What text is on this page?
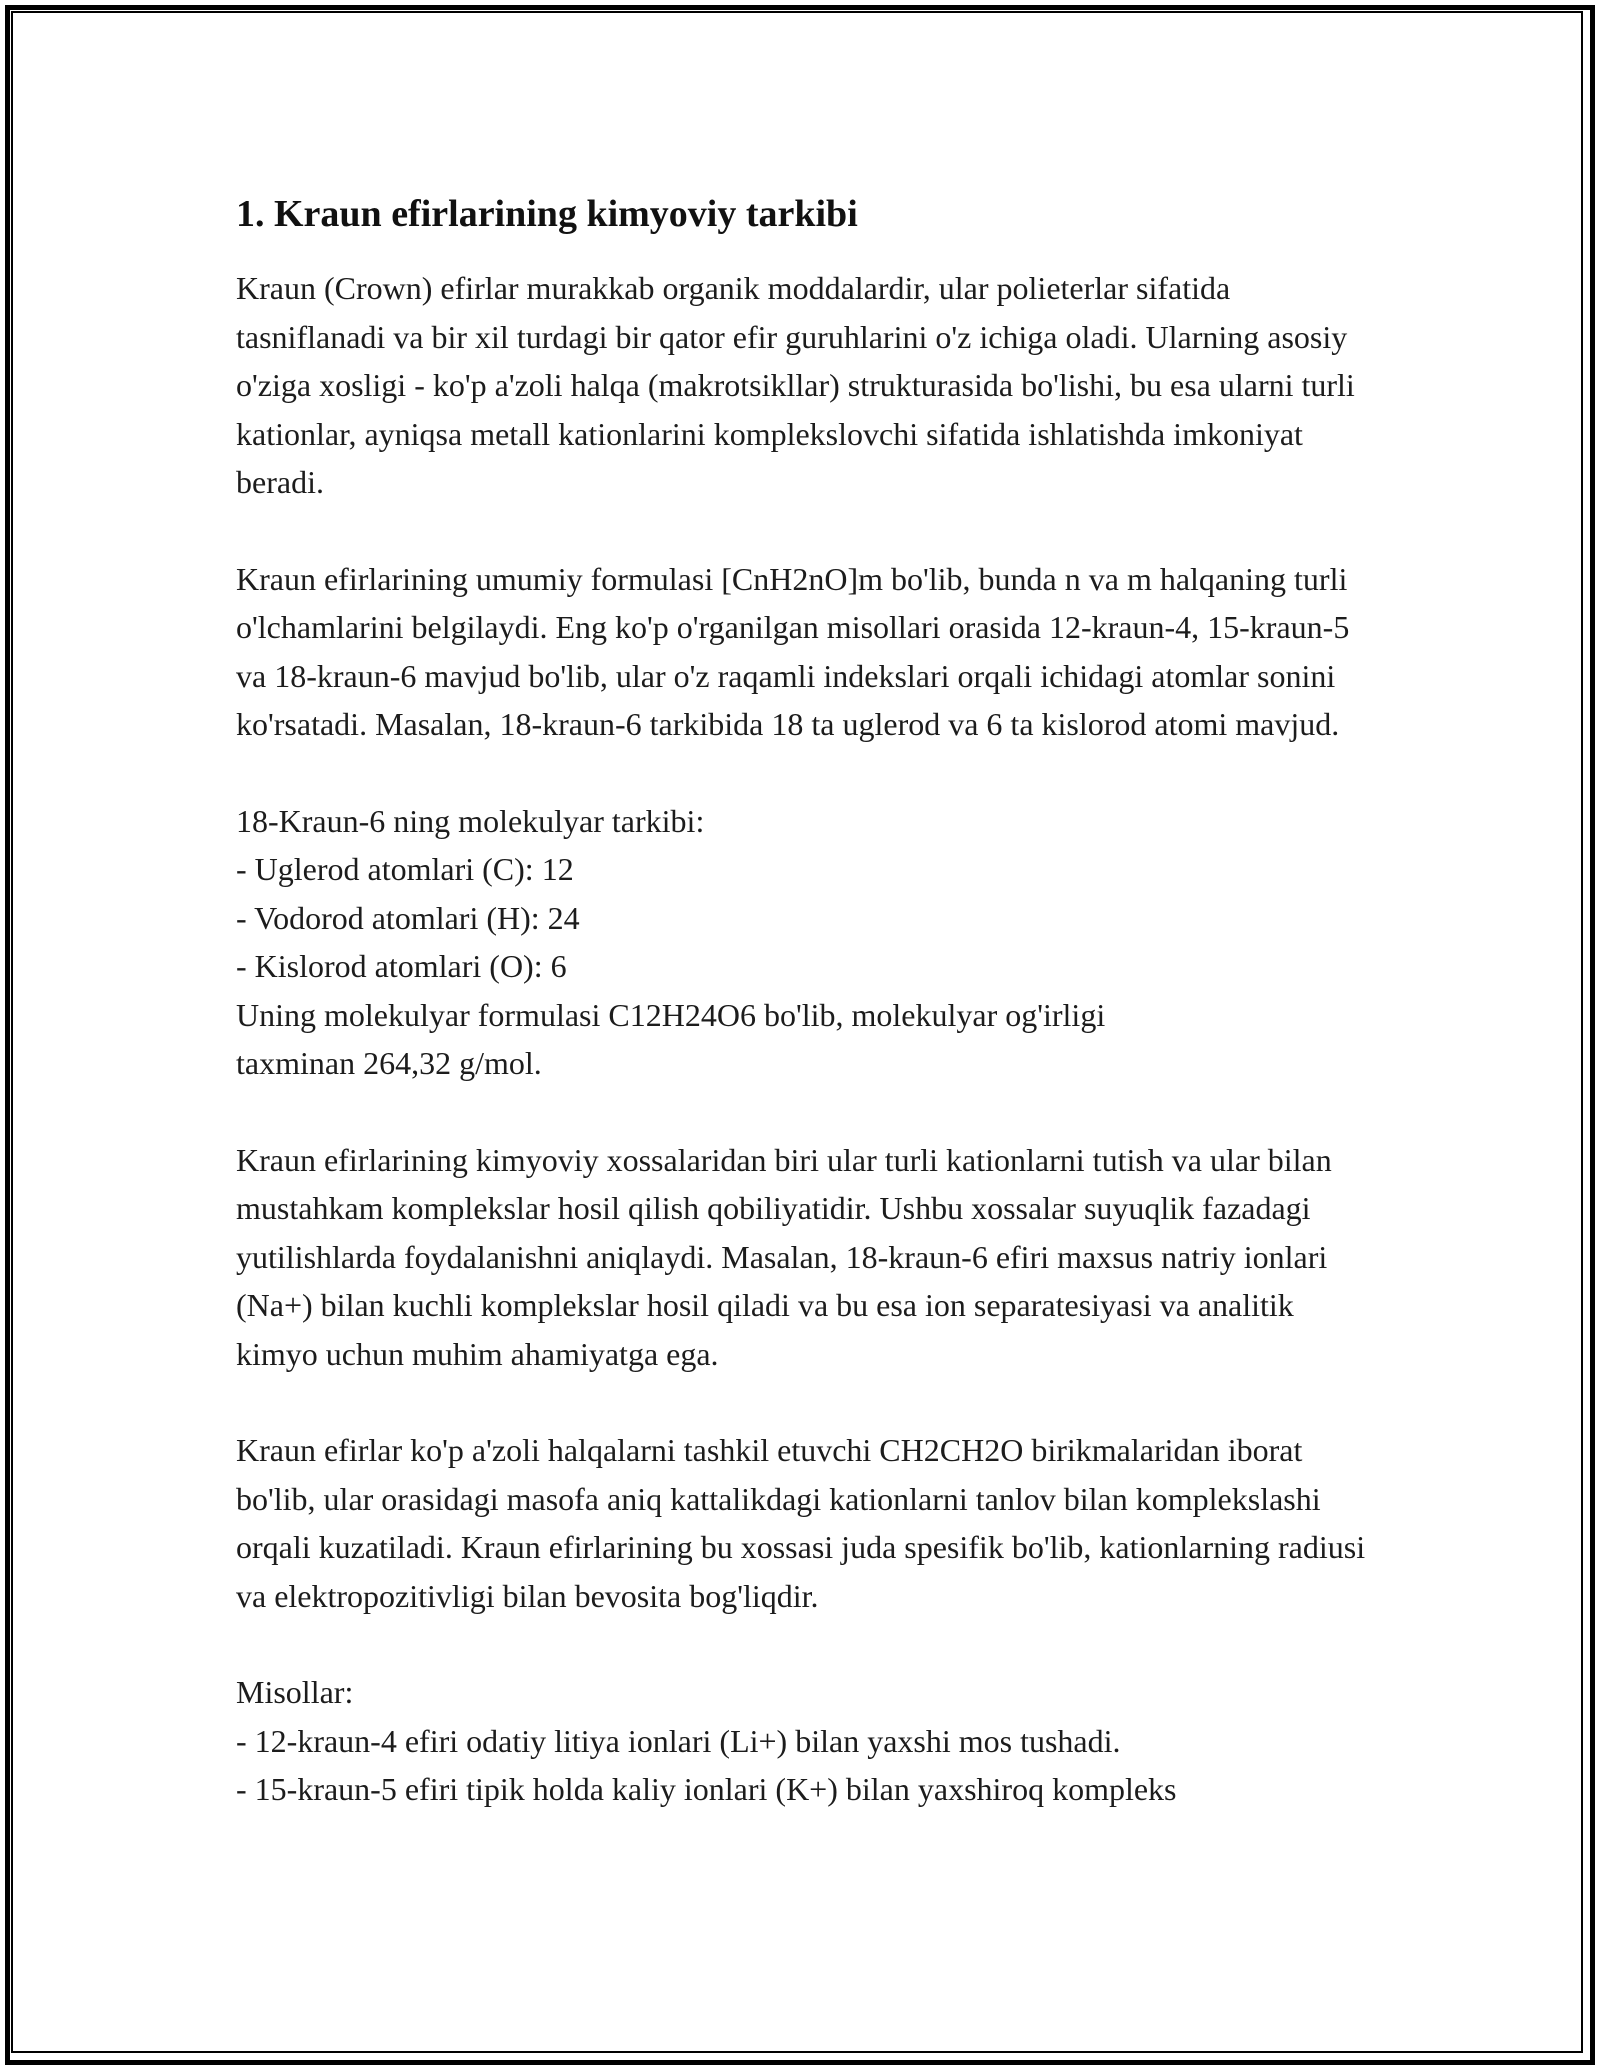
1. Kraun efirlarining kimyoviy tarkibi

Kraun (Crown) efirlar murakkab organik moddalardir, ular polieterlar sifatida tasniflanadi va bir xil turdagi bir qator efir guruhlarini o'z ichiga oladi. Ularning asosiy o'ziga xosligi - ko'p a'zoli halqa (makrotsikllar) strukturasida bo'lishi, bu esa ularni turli kationlar, ayniqsa metall kationlarini komplekslovchi sifatida ishlatishda imkoniyat beradi.

Kraun efirlarining umumiy formulasi [CnH2nO]m bo'lib, bunda n va m halqaning turli o'lchamlarini belgilaydi. Eng ko'p o'rganilgan misollari orasida 12-kraun-4, 15-kraun-5 va 18-kraun-6 mavjud bo'lib, ular o'z raqamli indekslari orqali ichidagi atomlar sonini ko'rsatadi. Masalan, 18-kraun-6 tarkibida 18 ta uglerod va 6 ta kislorod atomi mavjud.

18-Kraun-6 ning molekulyar tarkibi:
- Uglerod atomlari (C): 12
- Vodorod atomlari (H): 24
- Kislorod atomlari (O): 6
Uning molekulyar formulasi C12H24O6 bo'lib, molekulyar og'irligi
taxminan 264,32 g/mol.

Kraun efirlarining kimyoviy xossalaridan biri ular turli kationlarni tutish va ular bilan mustahkam komplekslar hosil qilish qobiliyatidir. Ushbu xossalar suyuqlik fazadagi yutilishlarda foydalanishni aniqlaydi. Masalan, 18-kraun-6 efiri maxsus natriy ionlari (Na+) bilan kuchli komplekslar hosil qiladi va bu esa ion separatesiyasi va analitik kimyo uchun muhim ahamiyatga ega.

Kraun efirlar ko'p a'zoli halqalarni tashkil etuvchi CH2CH2O birikmalaridan iborat bo'lib, ular orasidagi masofa aniq kattalikdagi kationlarni tanlov bilan komplekslashi orqali kuzatiladi. Kraun efirlarining bu xossasi juda spesifik bo'lib, kationlarning radiusi va elektropozitivligi bilan bevosita bog'liqdir.

Misollar:
- 12-kraun-4 efiri odatiy litiya ionlari (Li+) bilan yaxshi mos tushadi.
- 15-kraun-5 efiri tipik holda kaliy ionlari (K+) bilan yaxshiroq kompleks
